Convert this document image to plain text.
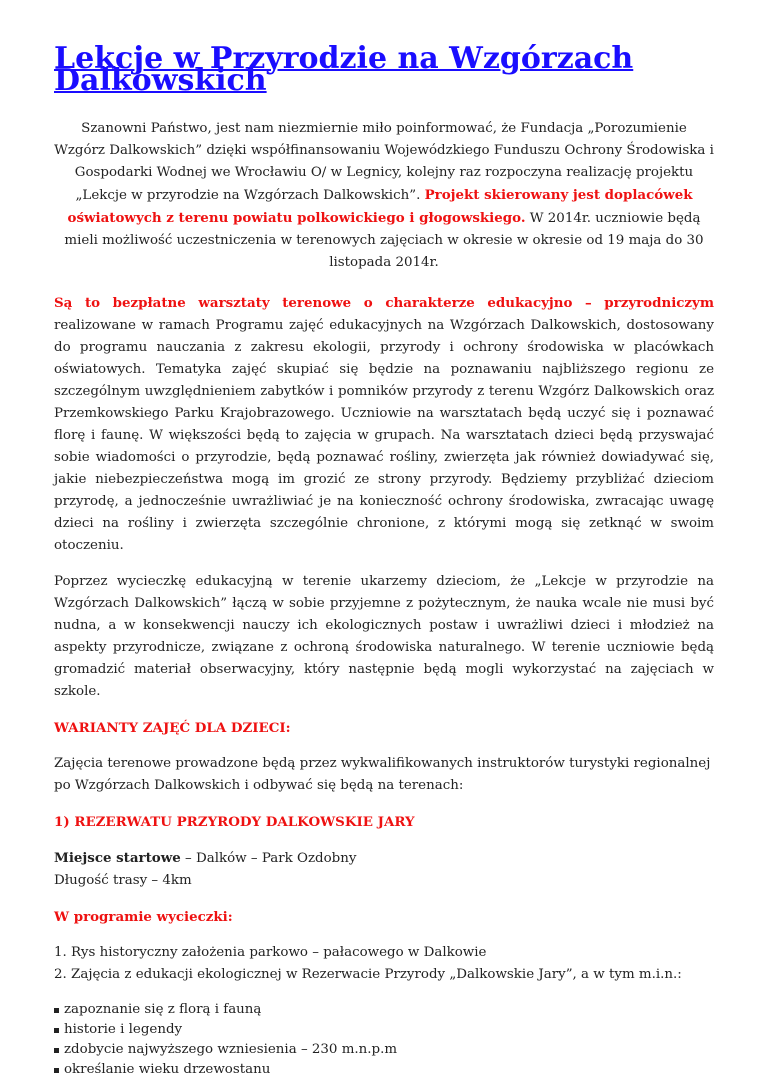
Lekcje w Przyrodzie na Wzgórzach Dalkowskich

Szanowni Państwo, jest nam niezmiernie miło poinformować, że Fundacja „Porozumienie Wzgórz Dalkowskich” dzięki współfinansowaniu Wojewódzkiego Funduszu Ochrony Środowiska i Gospodarki Wodnej we Wrocławiu O/ w Legnicy, kolejny raz rozpoczyna realizację projektu „Lekcje w przyrodzie na Wzgórzach Dalkowskich”. Projekt skierowany jest doplacówek oświatowych z terenu powiatu polkowickiego i głogowskiego. W 2014r. uczniowie będą mieli możliwość uczestniczenia w terenowych zajęciach w okresie w okresie od 19 maja do 30 listopada 2014r.

Są to bezpłatne warsztaty terenowe o charakterze edukacyjno – przyrodniczym realizowane w ramach Programu zajęć edukacyjnych na Wzgórzach Dalkowskich, dostosowany do programu nauczania z zakresu ekologii, przyrody i ochrony środowiska w placówkach oświatowych. Tematyka zajęć skupiać się będzie na poznawaniu najbliższego regionu ze szczególnym uwzględnieniem zabytków i pomników przyrody z terenu Wzgórz Dalkowskich oraz Przemkowskiego Parku Krajobrazowego. Uczniowie na warsztatach będą uczyć się i poznawać florę i faunę. W większości będą to zajęcia w grupach. Na warsztatach dzieci będą przyswajać sobie wiadomości o przyrodzie, będą poznawać rośliny, zwierzęta jak również dowiadywać się, jakie niebezpieczeństwa mogą im grozić ze strony przyrody. Będziemy przybliżać dzieciom przyrodę, a jednocześnie uwrażliwiać je na konieczność ochrony środowiska, zwracając uwagę dzieci na rośliny i zwierzęta szczególnie chronione, z którymi mogą się zetknąć w swoim otoczeniu.

Poprzez wycieczkę edukacyjną w terenie ukarzemy dzieciom, że „Lekcje w przyrodzie na Wzgórzach Dalkowskich” łączą w sobie przyjemne z pożytecznym, że nauka wcale nie musi być nudna, a w konsekwencji nauczy ich ekologicznych postaw i uwrażliwi dzieci i młodzież na aspekty przyrodnicze, związane z ochroną środowiska naturalnego. W terenie uczniowie będą gromadzić materiał obserwacyjny, który następnie będą mogli wykorzystać na zajęciach w szkole.

WARIANTY ZAJĘĆ DLA DZIECI:

Zajęcia terenowe prowadzone będą przez wykwalifikowanych instruktorów turystyki regionalnej po Wzgórzach Dalkowskich i odbywać się będą na terenach:

1) REZERWATU PRZYRODY DALKOWSKIE JARY
Miejsce startowe – Dalków – Park Ozdobny
Długość trasy – 4km
W programie wycieczki:
1. Rys historyczny założenia parkowo – pałacowego w Dalkowie
2. Zajęcia z edukacji ekologicznej w Rezerwacie Przyrody „Dalkowskie Jary”, a w tym m.i.n.:
zapoznanie się z florą i fauną
historie i legendy
zdobycie najwyższego wzniesienia – 230 m.n.p.m
określanie wieku drzewostanu
